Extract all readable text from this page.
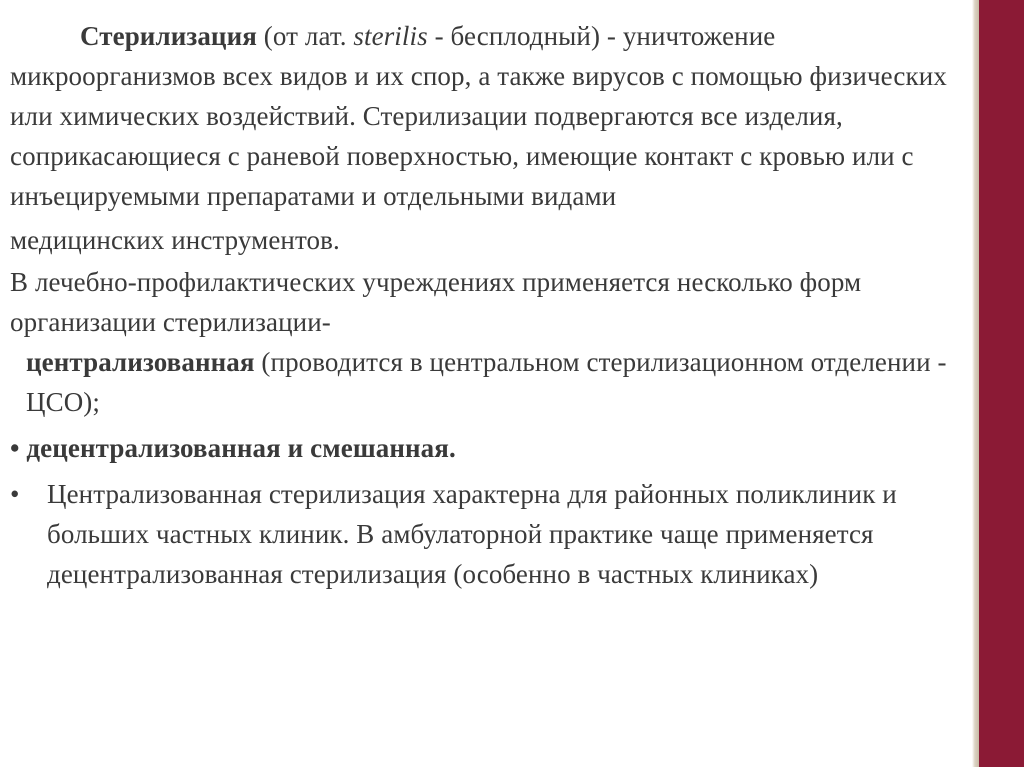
Стерилизация (от лат. sterilis - бесплодный) - уничтожение микроорганизмов всех видов и их спор, а также вирусов с помощью физических или химических воздействий. Стерилизации подвергаются все изделия, соприкасающиеся с раневой поверхностью, имеющие контакт с кровью или с инъецируемыми препаратами и отдельными видами

медицинских инструментов.

В лечебно-профилактических учреждениях применяется несколько форм организации стерилизации-
централизованная (проводится в центральном стерилизационном отделении - ЦСО);

• децентрализованная и смешанная.

• Централизованная стерилизация характерна для районных поликлиник и больших частных клиник. В амбулаторной практике чаще применяется децентрализованная стерилизация (особенно в частных клиниках)
